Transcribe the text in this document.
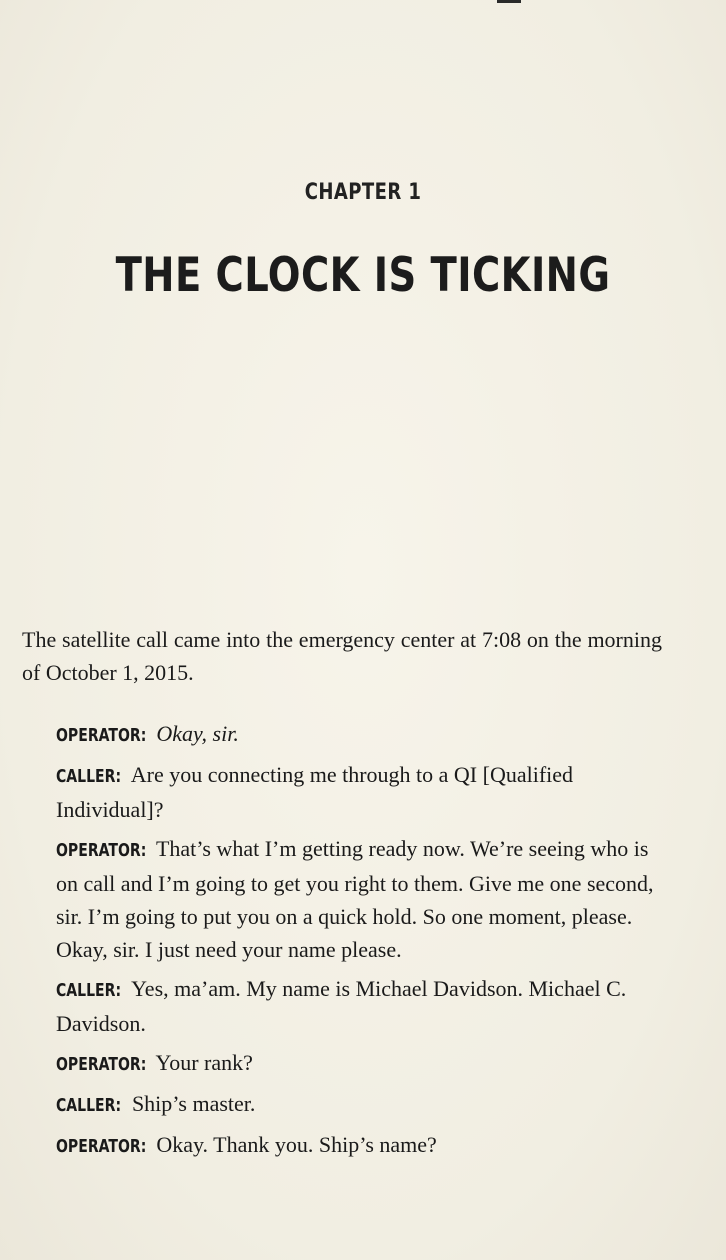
CHAPTER 1
THE CLOCK IS TICKING

The satellite call came into the emergency center at 7:08 on the morning of October 1, 2015.

OPERATOR: Okay, sir.
CALLER: Are you connecting me through to a QI [Qualified Individual]?
OPERATOR: That’s what I’m getting ready now. We’re seeing who is on call and I’m going to get you right to them. Give me one second, sir. I’m going to put you on a quick hold. So one moment, please. Okay, sir. I just need your name please.
CALLER: Yes, ma’am. My name is Michael Davidson. Michael C. Davidson.
OPERATOR: Your rank?
CALLER: Ship’s master.
OPERATOR: Okay. Thank you. Ship’s name?
